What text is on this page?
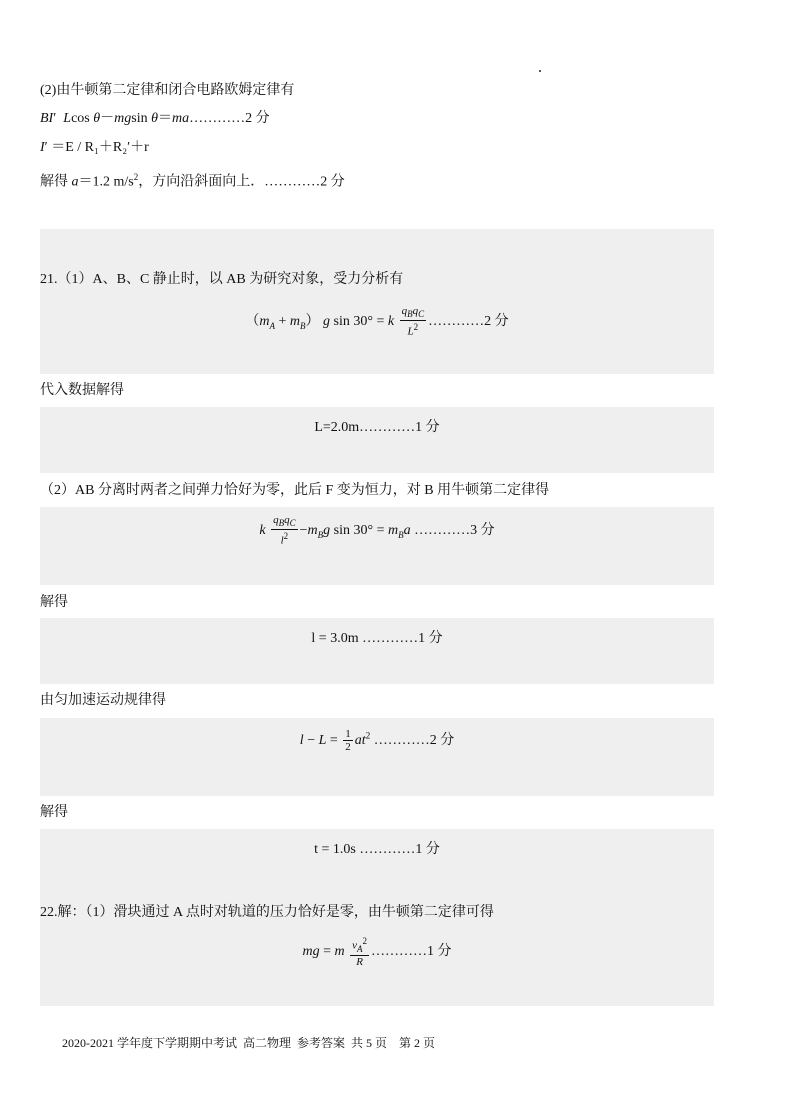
(2)由牛顿第二定律和闭合电路欧姆定律有
BI′  Lcos θ－mgsin θ＝ma…………2 分
I′ ＝E / R₁＋R₂′＋r
解得 a＝1.2 $m/s^2$，方向沿斜面向上．…………2 分
21.（1）A、B、C 静止时，以 AB 为研究对象，受力分析有
$(m_A + m_B)$ g sin 30° = k $\frac{q_Bq_C}{L^2}$ …………2 分
代入数据解得
L=2.0m…………1 分
（2）AB 分离时两者之间弹力恰好为零，此后 F 变为恒力，对 B 用牛顿第二定律得
k $\frac{q_Bq_C}{l^2} -m_Bg$ $\sin 30^\circ = m_Ba$ …………3 分
解得
l = 3.0m …………1 分
由匀加速运动规律得
$l - L = \frac{1}{2} at^2$ …………2 分
解得
t = 1.0s …………1 分
22.解：（1）滑块通过 A 点时对轨道的压力恰好是零，由牛顿第二定律可得
mg = m $\frac{v_A^2}{R}$ …………1 分
2020-2021 学年度下学期期中考试  高二物理  参考答案  共 5 页    第 2 页
